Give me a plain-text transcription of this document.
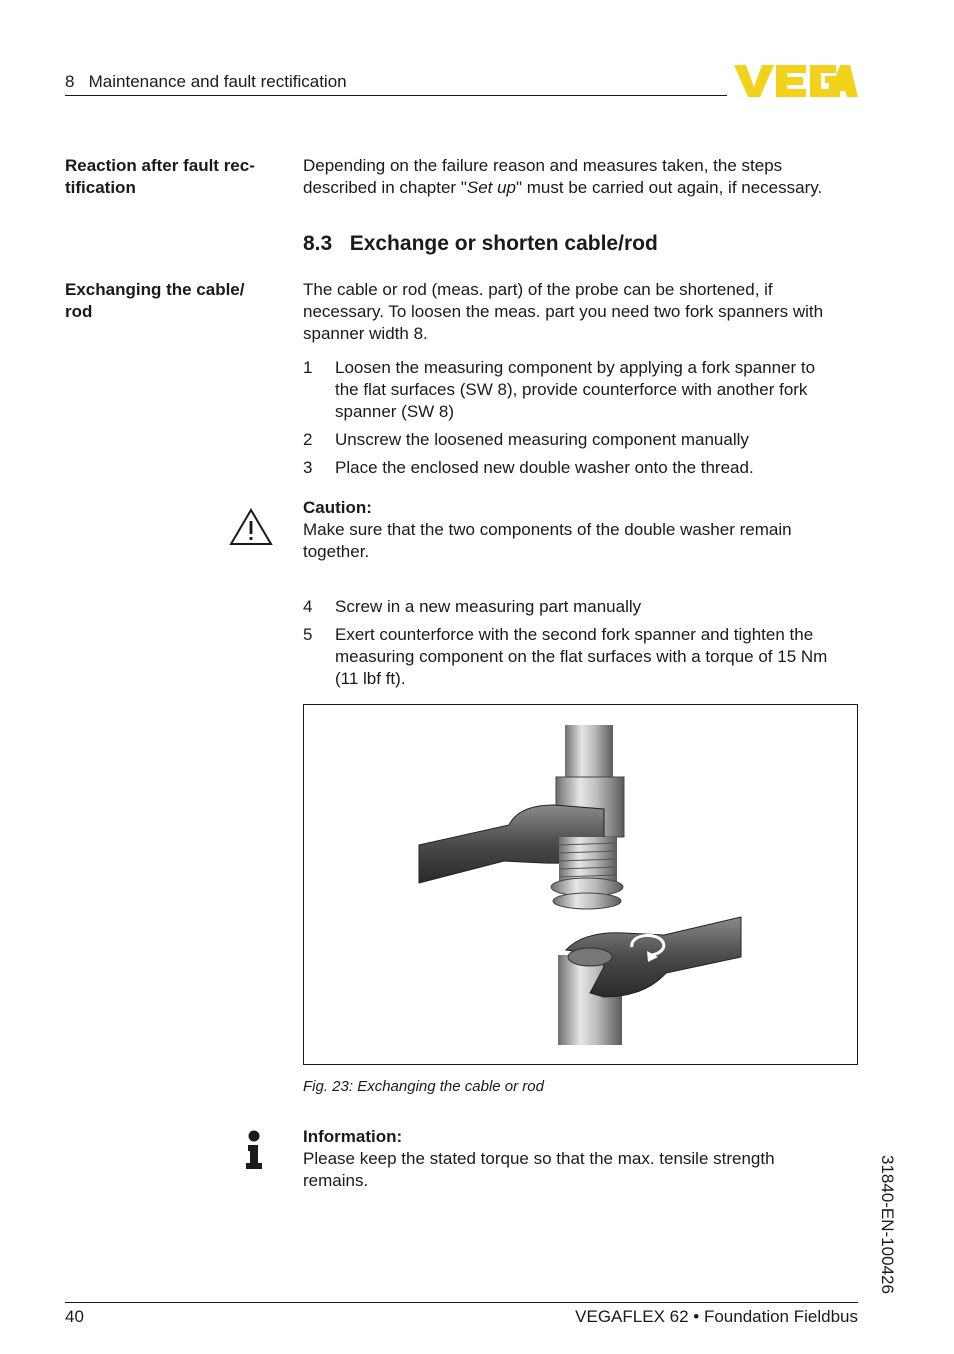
8   Maintenance and fault rectification
Reaction after fault rec-
tification
Depending on the failure reason and measures taken, the steps
described in chapter "Set up" must be carried out again, if necessary.
8.3   Exchange or shorten cable/rod
Exchanging the cable/
rod
The cable or rod (meas. part) of the probe can be shortened, if
necessary. To loosen the meas. part you need two fork spanners with
spanner width 8.
1 Loosen the measuring component by applying a fork spanner to
the flat surfaces (SW 8), provide counterforce with another fork
spanner (SW 8)
2 Unscrew the loosened measuring component manually
3 Place the enclosed new double washer onto the thread.
Caution:
Make sure that the two components of the double washer remain
together.
4 Screw in a new measuring part manually
5 Exert counterforce with the second fork spanner and tighten the
measuring component on the flat surfaces with a torque of 15 Nm
(11 lbf ft).
Fig. 23: Exchanging the cable or rod
Information:
Please keep the stated torque so that the max. tensile strength
remains.	31840-EN-100426
40	VEGAFLEX 62 • Foundation Fieldbus
